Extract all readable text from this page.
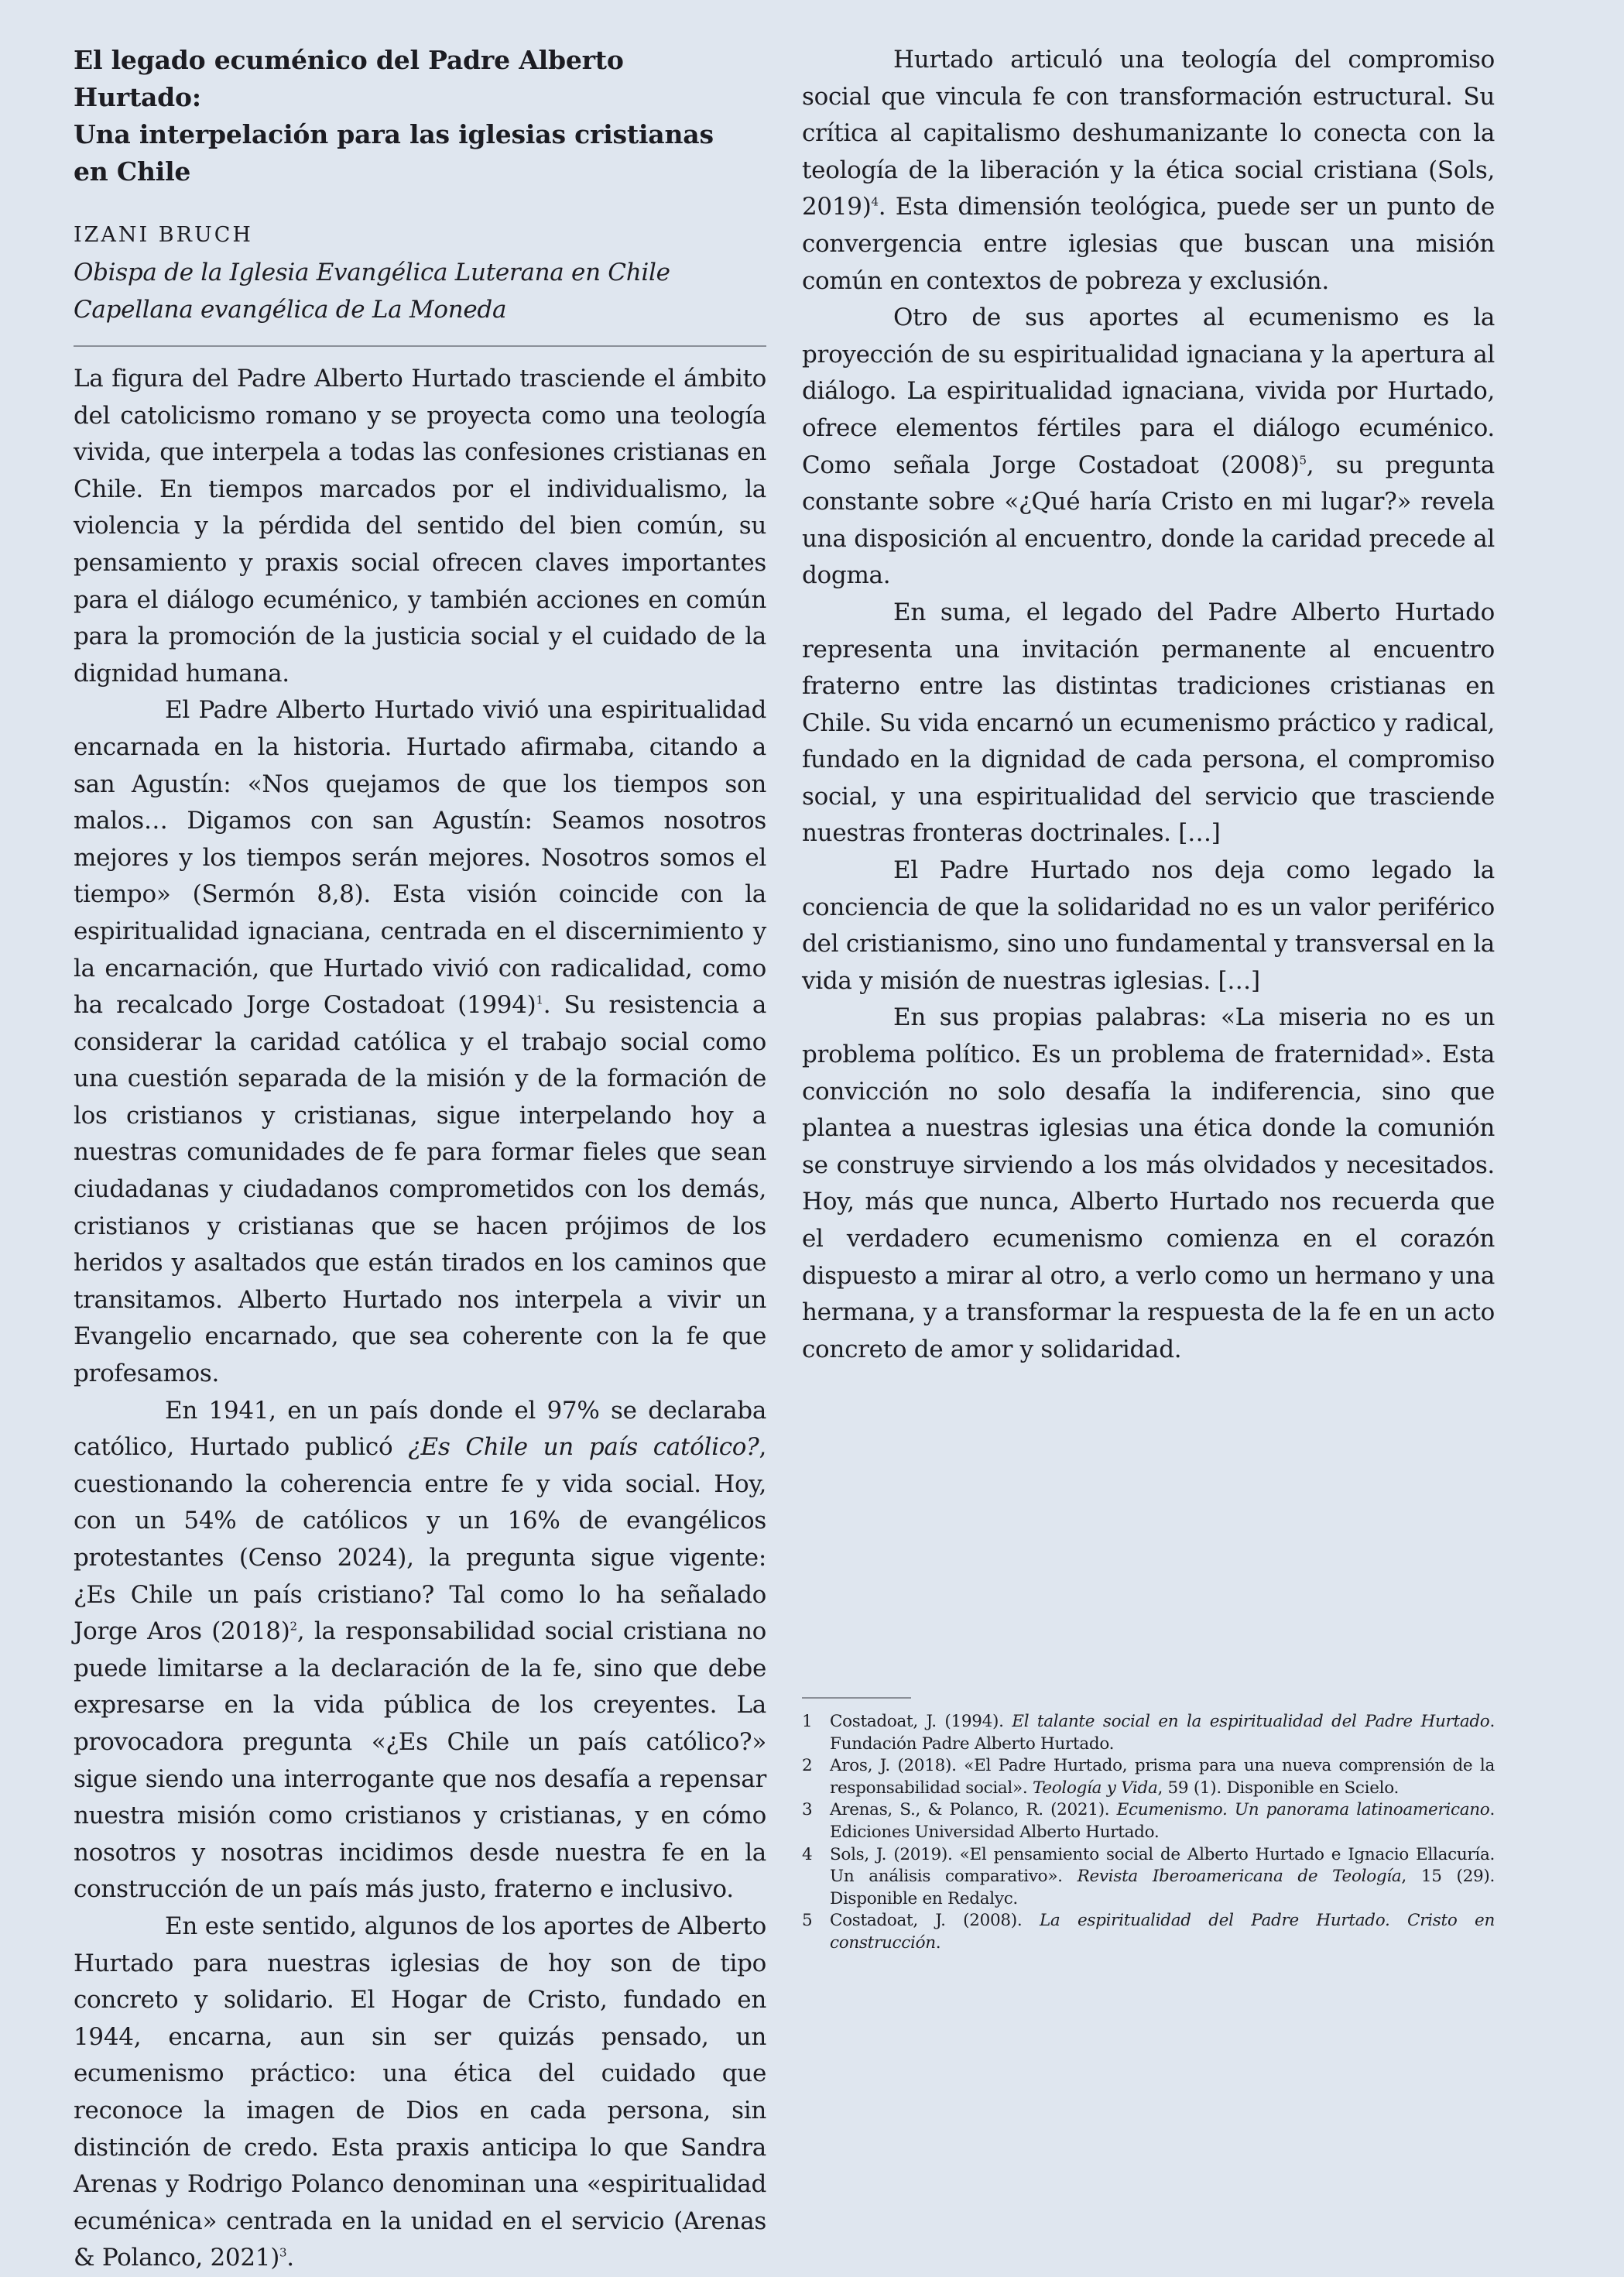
El legado ecuménico del Padre Alberto Hurtado:
Una interpelación para las iglesias cristianas
en Chile
IZANI BRUCH
Obispa de la Iglesia Evangélica Luterana en Chile
Capellana evangélica de La Moneda

La figura del Padre Alberto Hurtado trasciende el ámbito del catolicismo romano y se proyecta como una teología vivida, que interpela a todas las confesiones cristianas en Chile. En tiempos marcados por el individualismo, la violencia y la pérdida del sentido del bien común, su pensamiento y praxis social ofrecen claves importantes para el diálogo ecuménico, y también acciones en común para la promoción de la justicia social y el cuidado de la dignidad humana.

El Padre Alberto Hurtado vivió una espiritualidad encarnada en la historia. Hurtado afirmaba, citando a san Agustín: «Nos quejamos de que los tiempos son malos… Digamos con san Agustín: Seamos nosotros mejores y los tiempos serán mejores. Nosotros somos el tiempo» (Sermón 8,8). Esta visión coincide con la espiritualidad ignaciana, centrada en el discernimiento y la encarnación, que Hurtado vivió con radicalidad, como ha recalcado Jorge Costadoat $(1994)^1$. Su resistencia a considerar la caridad católica y el trabajo social como una cuestión separada de la misión y de la formación de los cristianos y cristianas, sigue interpelando hoy a nuestras comunidades de fe para formar fieles que sean ciudadanas y ciudadanos comprometidos con los demás, cristianos y cristianas que se hacen prójimos de los heridos y asaltados que están tirados en los caminos que transitamos. Alberto Hurtado nos interpela a vivir un Evangelio encarnado, que sea coherente con la fe que profesamos.

En 1941, en un país donde el 97% se declaraba católico, Hurtado publicó ¿Es Chile un país católico?, cuestionando la coherencia entre fe y vida social. Hoy, con un 54% de católicos y un 16% de evangélicos protestantes (Censo 2024), la pregunta sigue vigente: ¿Es Chile un país cristiano? Tal como lo ha señalado Jorge Aros $(2018)^2$, la responsabilidad social cristiana no puede limitarse a la declaración de la fe, sino que debe expresarse en la vida pública de los creyentes. La provocadora pregunta «¿Es Chile un país católico?» sigue siendo una interrogante que nos desafía a repensar nuestra misión como cristianos y cristianas, y en cómo nosotros y nosotras incidimos desde nuestra fe en la construcción de un país más justo, fraterno e inclusivo.

En este sentido, algunos de los aportes de Alberto Hurtado para nuestras iglesias de hoy son de tipo concreto y solidario. El Hogar de Cristo, fundado en 1944, encarna, aun sin ser quizás pensado, un ecumenismo práctico: una ética del cuidado que reconoce la imagen de Dios en cada persona, sin distinción de credo. Esta praxis anticipa lo que Sandra Arenas y Rodrigo Polanco denominan una «espiritualidad ecuménica» centrada en la unidad en el servicio (Arenas & Polanco, 2021)$^3$.

Hurtado articuló una teología del compromiso social que vincula fe con transformación estructural. Su crítica al capitalismo deshumanizante lo conecta con la teología de la liberación y la ética social cristiana (Sols, 2019)$^4$. Esta dimensión teológica, puede ser un punto de convergencia entre iglesias que buscan una misión común en contextos de pobreza y exclusión.

Otro de sus aportes al ecumenismo es la proyección de su espiritualidad ignaciana y la apertura al diálogo. La espiritualidad ignaciana, vivida por Hurtado, ofrece elementos fértiles para el diálogo ecuménico. Como señala Jorge Costadoat $(2008)^5$, su pregunta constante sobre «¿Qué haría Cristo en mi lugar?» revela una disposición al encuentro, donde la caridad precede al dogma.

En suma, el legado del Padre Alberto Hurtado representa una invitación permanente al encuentro fraterno entre las distintas tradiciones cristianas en Chile. Su vida encarnó un ecumenismo práctico y radical, fundado en la dignidad de cada persona, el compromiso social, y una espiritualidad del servicio que trasciende nuestras fronteras doctrinales. […]

El Padre Hurtado nos deja como legado la conciencia de que la solidaridad no es un valor periférico del cristianismo, sino uno fundamental y transversal en la vida y misión de nuestras iglesias. […]

En sus propias palabras: «La miseria no es un problema político. Es un problema de fraternidad». Esta convicción no solo desafía la indiferencia, sino que plantea a nuestras iglesias una ética donde la comunión se construye sirviendo a los más olvidados y necesitados. Hoy, más que nunca, Alberto Hurtado nos recuerda que el verdadero ecumenismo comienza en el corazón dispuesto a mirar al otro, a verlo como un hermano y una hermana, y a transformar la respuesta de la fe en un acto concreto de amor y solidaridad.

1	Costadoat, J. (1994). El talante social en la espiritualidad del Padre Hurtado. Fundación Padre Alberto Hurtado.
2	Aros, J. (2018). «El Padre Hurtado, prisma para una nueva comprensión de la responsabilidad social». Teología y Vida, 59 (1). Disponible en Scielo.
3	Arenas, S., & Polanco, R. (2021). Ecumenismo. Un panorama latinoamericano. Ediciones Universidad Alberto Hurtado.
4	Sols, J. (2019). «El pensamiento social de Alberto Hurtado e Ignacio Ellacuría. Un análisis comparativo». Revista Iberoamericana de Teología, 15 (29). Disponible en Redalyc.
5	Costadoat, J. (2008). La espiritualidad del Padre Hurtado. Cristo en construcción.
